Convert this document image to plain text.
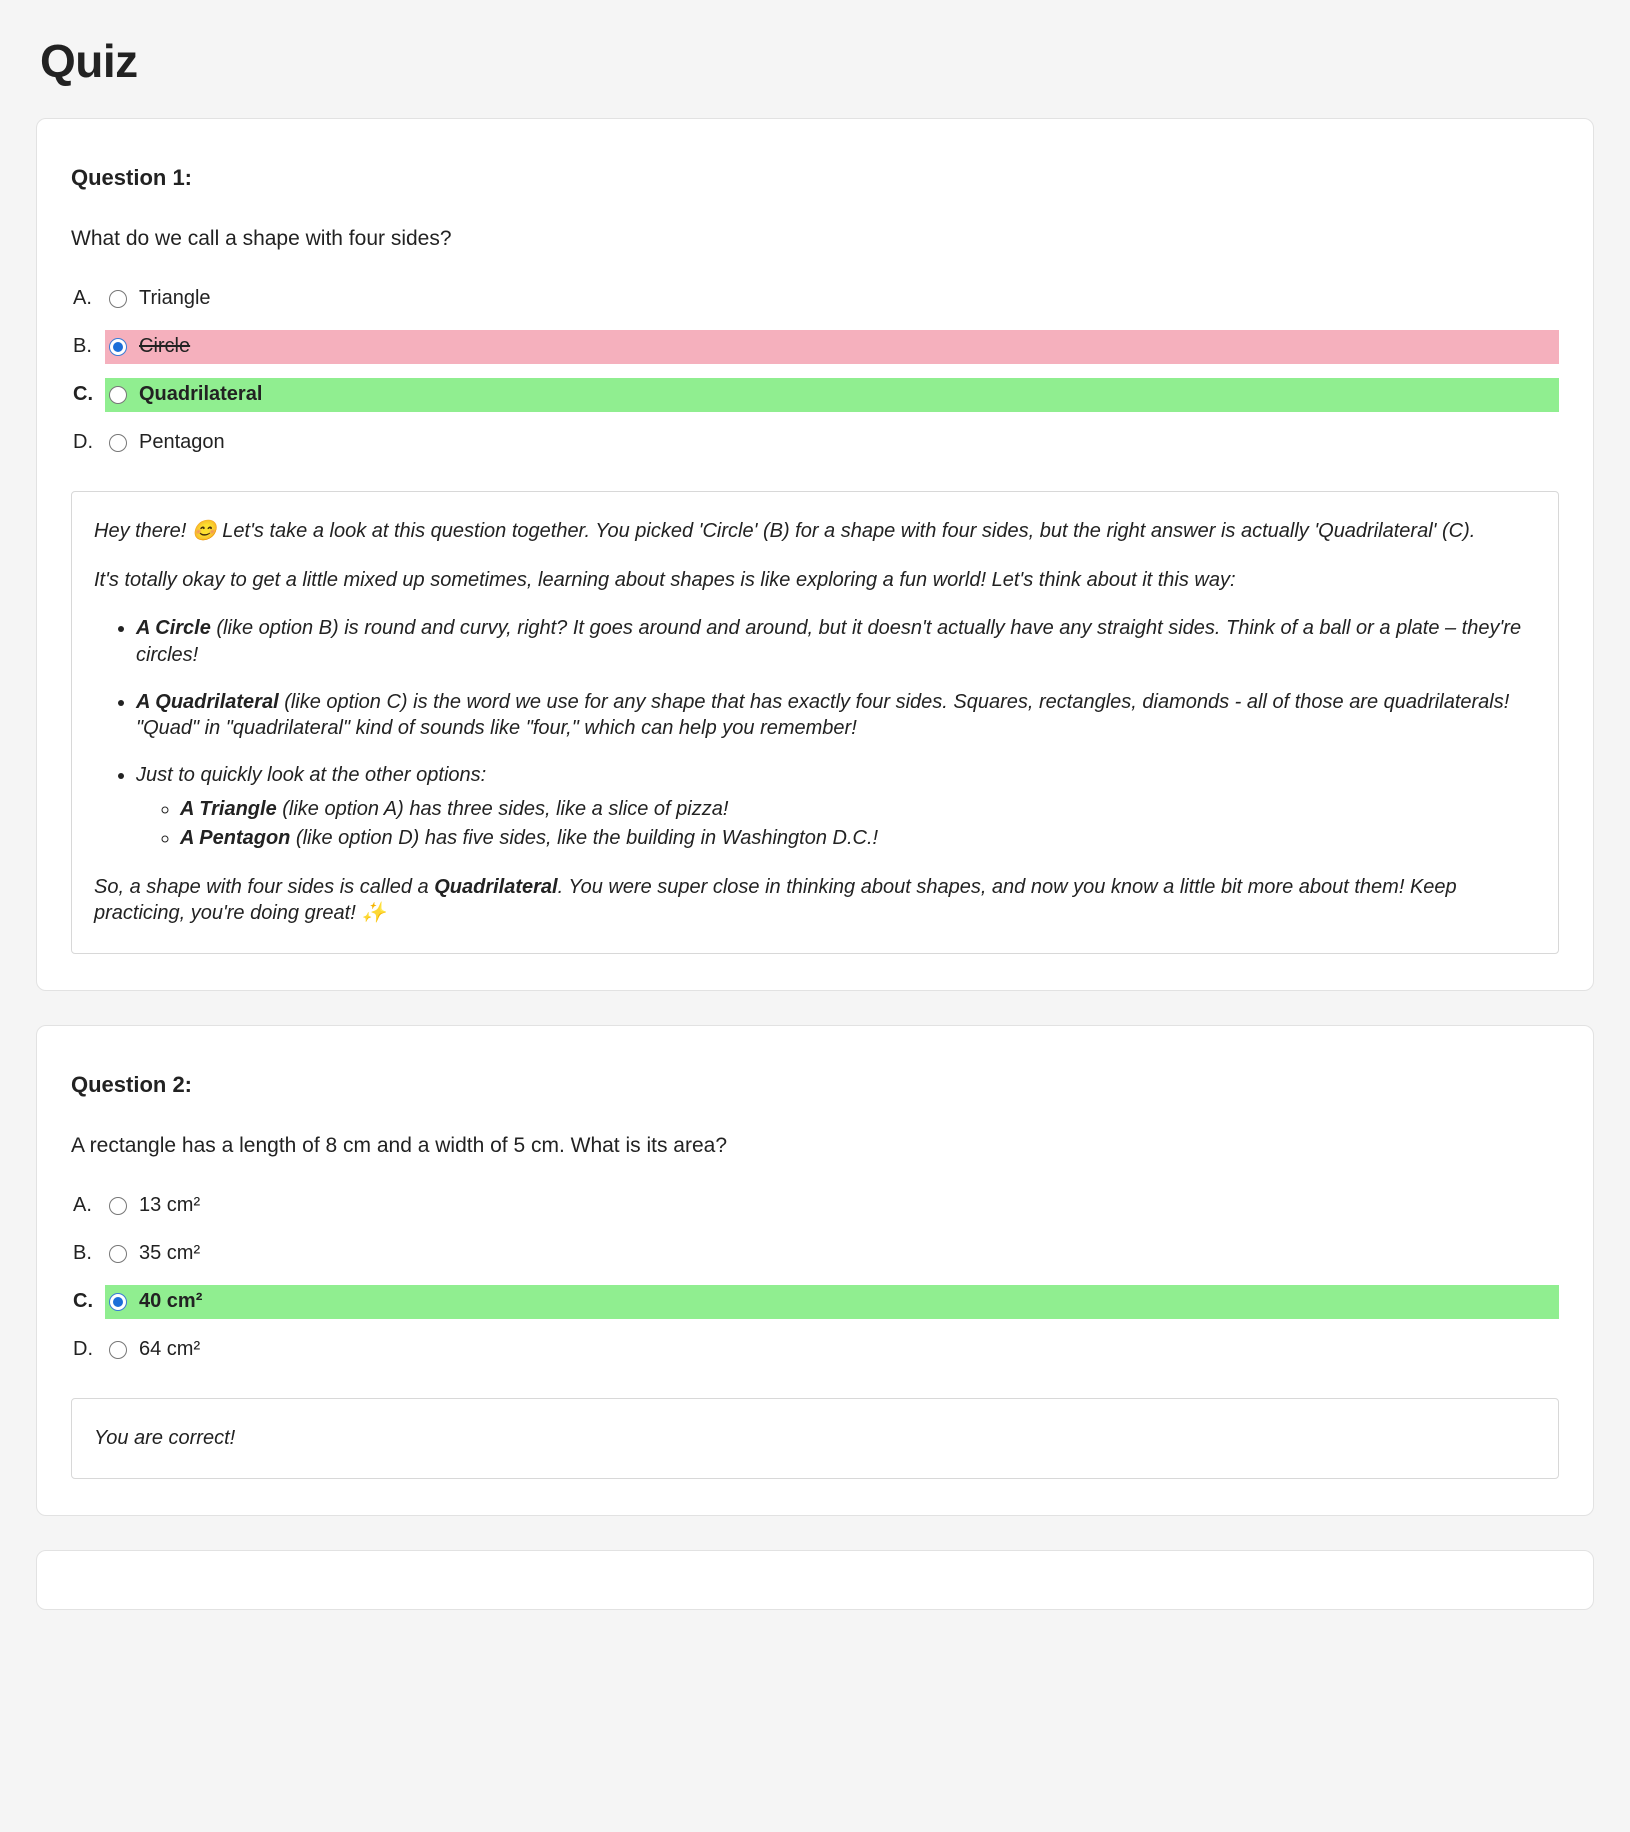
Quiz
Question 1:
What do we call a shape with four sides?
A.	Triangle
B.	Circle
C.	Quadrilateral
D.	Pentagon

Hey there! 😊 Let's take a look at this question together. You picked 'Circle' (B) for a shape with four sides, but the right answer is actually 'Quadrilateral' (C).

It's totally okay to get a little mixed up sometimes, learning about shapes is like exploring a fun world! Let's think about it this way:

• A Circle (like option B) is round and curvy, right? It goes around and around, but it doesn't actually have any straight sides. Think of a ball or a plate – they're circles!
• A Quadrilateral (like option C) is the word we use for any shape that has exactly four sides. Squares, rectangles, diamonds - all of those are quadrilaterals! "Quad" in "quadrilateral" kind of sounds like "four," which can help you remember!
• Just to quickly look at the other options:
◦ A Triangle (like option A) has three sides, like a slice of pizza!
◦ A Pentagon (like option D) has five sides, like the building in Washington D.C.!

So, a shape with four sides is called a Quadrilateral. You were super close in thinking about shapes, and now you know a little bit more about them! Keep practicing, you're doing great! ✨

Question 2:
A rectangle has a length of 8 cm and a width of 5 cm. What is its area?
A.	13 cm²
B.	35 cm²
C.	40 cm²
D.	64 cm²
You are correct!
